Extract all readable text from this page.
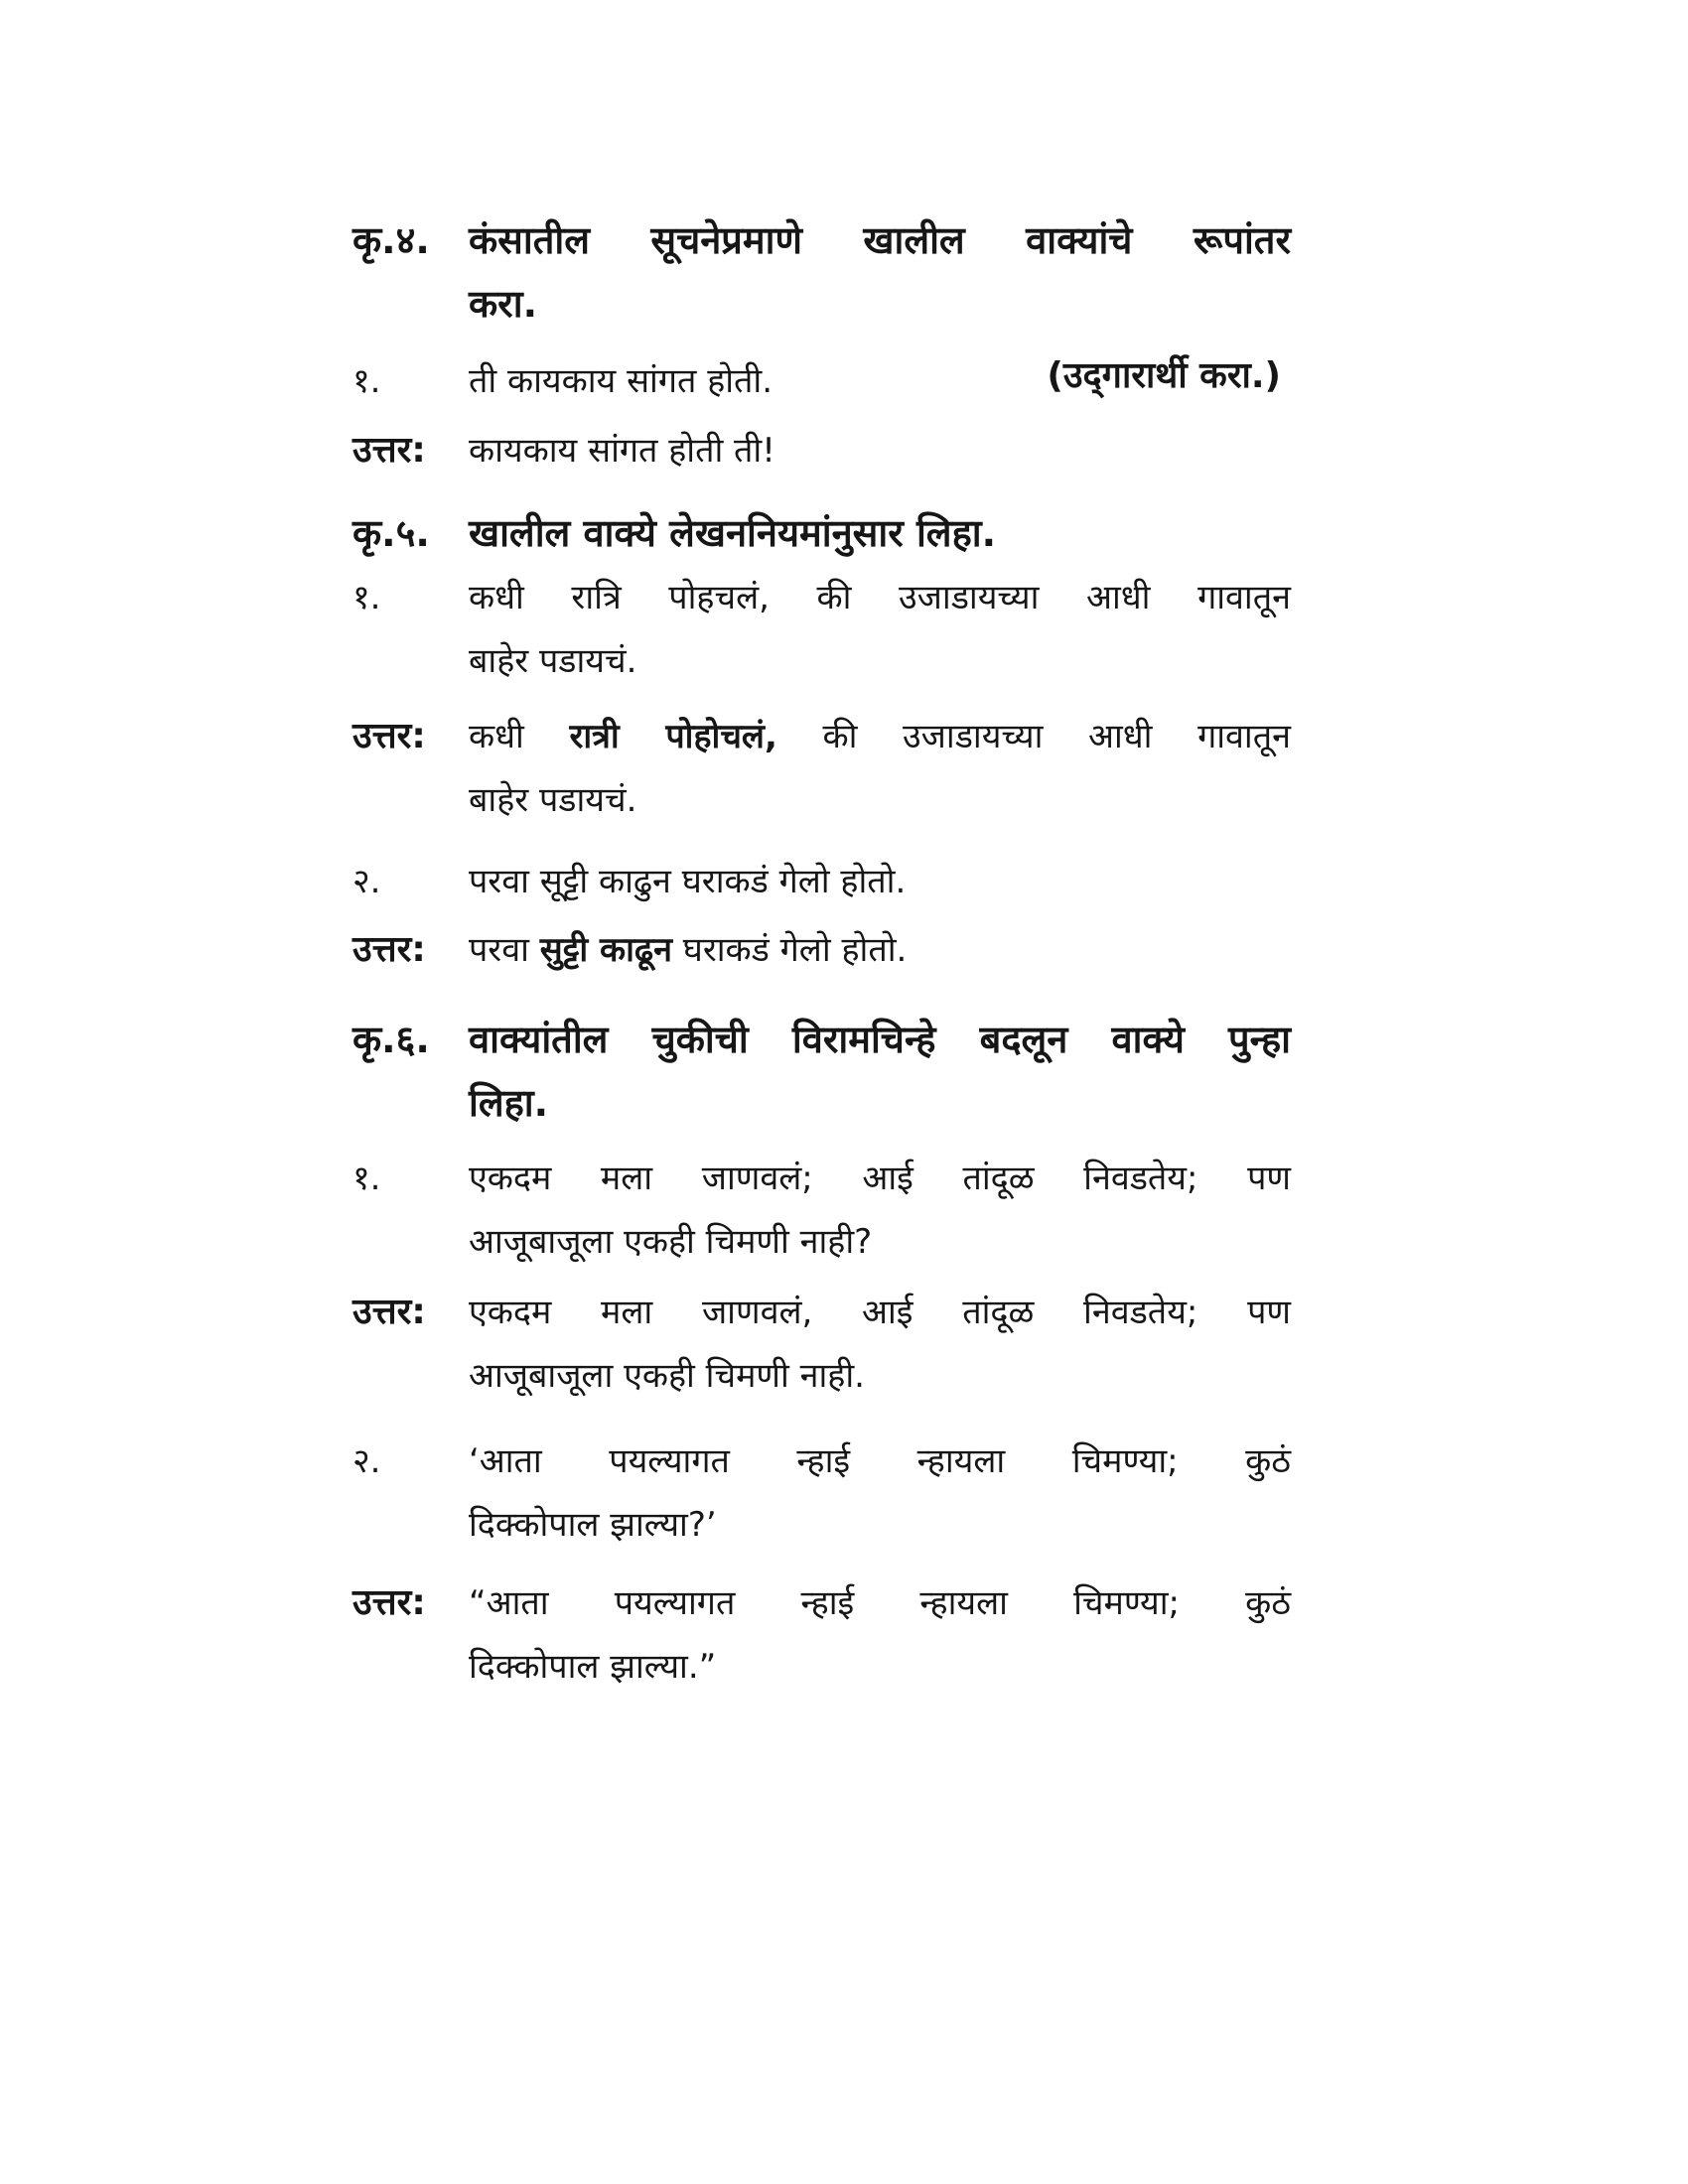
कृ.४. कंसातील सूचनेप्रमाणे खालील वाक्यांचे रूपांतर
करा.
१.	ती कायकाय सांगत होती.	(उद्‌गारार्थी करा.)
उत्तर: कायकाय सांगत होती ती!
कृ.५. खालील वाक्ये लेखननियमांनुसार लिहा.
१.	कधी रात्रि पोहचलं, की उजाडायच्या आधी गावातून
बाहेर पडायचं.
उत्तर: कधी रात्री पोहोचलं, की उजाडायच्या आधी गावातून
बाहेर पडायचं.
२.	परवा सूट्टी काढुन घराकडं गेलो होतो.
उत्तर: परवा सुट्टी काढून घराकडं गेलो होतो.
कृ.६. वाक्यांतील चुकीची विरामचिन्हे बदलून वाक्ये पुन्हा
लिहा.
१.	एकदम मला जाणवलं; आई तांदूळ निवडतेय; पण
आजूबाजूला एकही चिमणी नाही?
उत्तर: एकदम मला जाणवलं, आई तांदूळ निवडतेय; पण
आजूबाजूला एकही चिमणी नाही.
२.	‘आता पयल्यागत न्हाई न्हायला चिमण्या; कुठं
दिक्कोपाल झाल्या?’
उत्तर: “आता पयल्यागत न्हाई न्हायला चिमण्या; कुठं
दिक्कोपाल झाल्या.”
